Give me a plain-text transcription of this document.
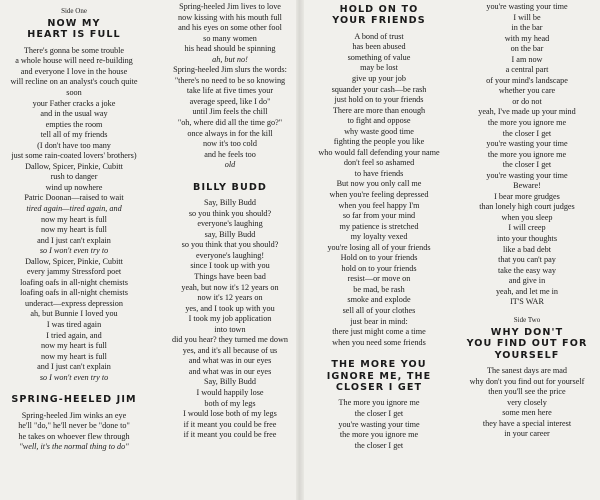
Side One
NOW MY
HEART IS FULL
There's gonna be some trouble
a whole house will need re-building
and everyone I love in the house
will recline on an analyst's couch quite
soon
your Father cracks a joke
and in the usual way
empties the room
tell all of my friends
(I don't have too many
just some rain-coated lovers' brothers)
Dallow, Spicer, Pinkie, Cubitt
rush to danger
wind up nowhere
Patric Doonan—raised to wait
tired again—tired again, and
now my heart is full
now my heart is full
and I just can't explain
so I won't even try to
Dallow, Spicer, Pinkie, Cubitt
every jammy Stressford poet
loafing oafs in all-night chemists
loafing oafs in all-night chemists
underact—express depression
ah, but Bunnie I loved you
I was tired again
I tried again, and
now my heart is full
now my heart is full
and I just can't explain
so I won't even try to
SPRING-HEELED JIM
Spring-heeled Jim winks an eye
he'll "do," he'll never be "done to"
he takes on whoever flew through
"well, it's the normal thing to do"
Spring-heeled Jim lives to love
now kissing with his mouth full
and his eyes on some other fool
so many women
his head should be spinning
ah, but no!
Spring-heeled Jim slurs the words:
"there's no need to be so knowing
take life at five times your
average speed, like I do"
until Jim feels the chill
"oh, where did all the time go?"
once always in for the kill
now it's too cold
and he feels too
old
BILLY BUDD
Say, Billy Budd
so you think you should?
everyone's laughing
say, Billy Budd
so you think that you should?
everyone's laughing!
since I took up with you
Things have been bad
yeah, but now it's 12 years on
now it's 12 years on
yes, and I took up with you
I took my job application
into town
did you hear? they turned me down
yes, and it's all because of us
and what was in our eyes
and what was in our eyes
Say, Billy Budd
I would happily lose
both of my legs
I would lose both of my legs
if it meant you could be free
if it meant you could be free
HOLD ON TO
YOUR FRIENDS
A bond of trust
has been abused
something of value
may be lost
give up your job
squander your cash—be rash
just hold on to your friends
There are more than enough
to fight and oppose
why waste good time
fighting the people you like
who would fall defending your name
don't feel so ashamed
to have friends
But now you only call me
when you're feeling depressed
when you feel happy I'm
so far from your mind
my patience is stretched
my loyalty vexed
you're losing all of your friends
Hold on to your friends
hold on to your friends
resist—or move on
be mad, be rash
smoke and explode
sell all of your clothes
just bear in mind:
there just might come a time
when you need some friends
THE MORE YOU
IGNORE ME, THE
CLOSER I GET
The more you ignore me
the closer I get
you're wasting your time
the more you ignore me
the closer I get
you're wasting your time
I will be
in the bar
with my head
on the bar
I am now
a central part
of your mind's landscape
whether you care
or do not
yeah, I've made up your mind
the more you ignore me
the closer I get
you're wasting your time
the more you ignore me
the closer I get
you're wasting your time
Beware!
I bear more grudges
than lonely high court judges
when you sleep
I will creep
into your thoughts
like a bad debt
that you can't pay
take the easy way
and give in
yeah, and let me in
IT'S WAR
Side Two
WHY DON'T
YOU FIND OUT FOR
YOURSELF
The sanest days are mad
why don't you find out for yourself
then you'll see the price
very closely
some men here
they have a special interest
in your career
